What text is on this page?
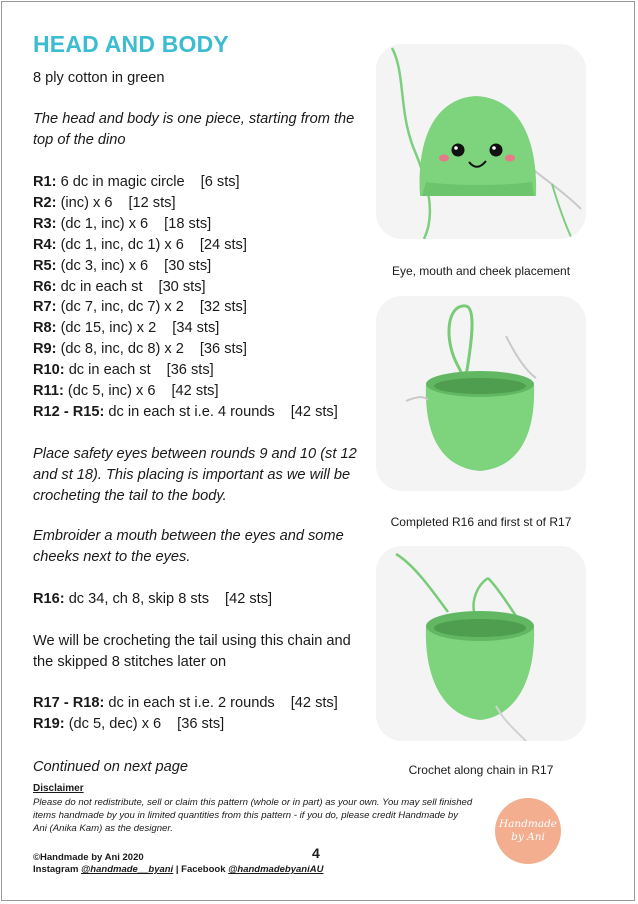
HEAD AND BODY
8 ply cotton in green
The head and body is one piece, starting from the
top of the dino
R1: 6 dc in magic circle [6 sts]
R2: (inc) x 6 [12 sts]
R3: (dc 1, inc) x 6 [18 sts]
R4: (dc 1, inc, dc 1) x 6 [24 sts]
R5: (dc 3, inc) x 6 [30 sts]
R6: dc in each st [30 sts]
R7: (dc 7, inc, dc 7) x 2 [32 sts]
R8: (dc 15, inc) x 2 [34 sts]
R9: (dc 8, inc, dc 8) x 2 [36 sts]
R10: dc in each st [36 sts]
R11: (dc 5, inc) x 6 [42 sts]
R12 - R15: dc in each st i.e. 4 rounds [42 sts]
Place safety eyes between rounds 9 and 10 (st 12
and st 18). This placing is important as we will be
crocheting the tail to the body.
Embroider a mouth between the eyes and some
cheeks next to the eyes.
R16: dc 34, ch 8, skip 8 sts [42 sts]
We will be crocheting the tail using this chain and
the skipped 8 stitches later on
R17 - R18: dc in each st i.e. 2 rounds [42 sts]
R19: (dc 5, dec) x 6 [36 sts]
Continued on next page
Eye, mouth and cheek placement
Completed R16 and first st of R17
Crochet along chain in R17
Disclaimer
Please do not redistribute, sell or claim this pattern (whole or in part) as your own. You may sell finished
items handmade by you in limited quantities from this pattern - if you do, please credit Handmade by
Ani (Anika Kam) as the designer.	Handmade
by Ani
©Handmade by Ani 2020
Instagram @handmade__byani | Facebook @handmadebyaniAU
4
